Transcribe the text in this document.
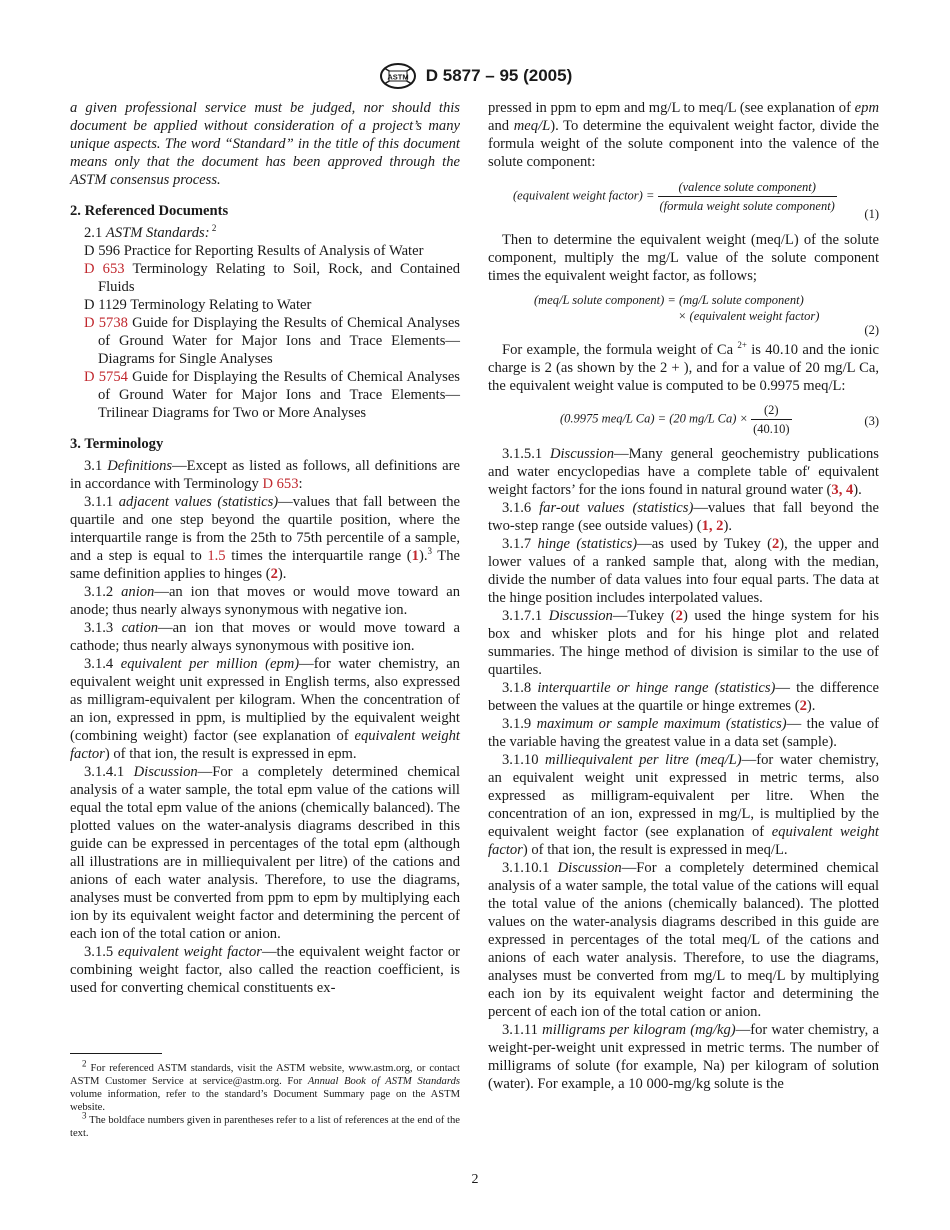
ASTM D 5877 – 95 (2005)

a given professional service must be judged, nor should this document be applied without consideration of a project’s many unique aspects. The word “Standard” in the title of this document means only that the document has been approved through the ASTM consensus process.

2. Referenced Documents

2.1 ASTM Standards: $^2$

D 596 Practice for Reporting Results of Analysis of Water

D 653 Terminology Relating to Soil, Rock, and Contained Fluids

D 1129 Terminology Relating to Water

D 5738 Guide for Displaying the Results of Chemical Analyses of Ground Water for Major Ions and Trace Elements—Diagrams for Single Analyses

D 5754 Guide for Displaying the Results of Chemical Analyses of Ground Water for Major Ions and Trace Elements—Trilinear Diagrams for Two or More Analyses

3. Terminology

3.1 Definitions—Except as listed as follows, all definitions are in accordance with Terminology D 653:

3.1.1 adjacent values (statistics)—values that fall between the quartile and one step beyond the quartile position, where the interquartile range is from the 25th to 75th percentile of a sample, and a step is equal to 1.5 times the interquartile range (1).$^3$ The same definition applies to hinges (2).

3.1.2 anion—an ion that moves or would move toward an anode; thus nearly always synonymous with negative ion.

3.1.3 cation—an ion that moves or would move toward a cathode; thus nearly always synonymous with positive ion.

3.1.4 equivalent per million (epm)—for water chemistry, an equivalent weight unit expressed in English terms, also expressed as milligram-equivalent per kilogram. When the concentration of an ion, expressed in ppm, is multiplied by the equivalent weight (combining weight) factor (see explanation of equivalent weight factor) of that ion, the result is expressed in epm.

3.1.4.1 Discussion—For a completely determined chemical analysis of a water sample, the total epm value of the cations will equal the total epm value of the anions (chemically balanced). The plotted values on the water-analysis diagrams described in this guide can be expressed in percentages of the total epm (although all illustrations are in milliequivalent per litre) of the cations and anions of each water analysis. Therefore, to use the diagrams, analyses must be converted from ppm to epm by multiplying each ion by its equivalent weight factor and determining the percent of each ion of the total cation or anion.

3.1.5 equivalent weight factor—the equivalent weight factor or combining weight factor, also called the reaction coefficient, is used for converting chemical constituents ex-

$^2$ For referenced ASTM standards, visit the ASTM website, www.astm.org, or contact ASTM Customer Service at service@astm.org. For Annual Book of ASTM Standards volume information, refer to the standard’s Document Summary page on the ASTM website.

$^3$ The boldface numbers given in parentheses refer to a list of references at the end of the text.

pressed in ppm to epm and mg/L to meq/L (see explanation of epm and meq/L). To determine the equivalent weight factor, divide the formula weight of the solute component into the valence of the solute component:

(equivalent weight factor) = $\frac{\text{(valence solute component)}}{\text{(formula weight solute component)}} (1)$

Then to determine the equivalent weight (meq/L) of the solute component, multiply the mg/L value of the solute component times the equivalent weight factor, as follows;

(meq/L solute component) = (mg/L solute component)
× (equivalent weight factor)
(2)

For example, the formula weight of Ca $^{2+}$ is 40.10 and the ionic charge is 2 (as shown by the 2 + ), and for a value of 20 mg/L Ca, the equivalent weight value is computed to be 0.9975 meq/L:

(0.9975 meq/L Ca) = (20 mg/L $Ca) \times \frac{(2)}{(40.10)}$	(3)

3.1.5.1 Discussion—Many general geochemistry publications and water encyclopedias have a complete table of′ equivalent weight factors’ for the ions found in natural ground water (3, 4).

3.1.6 far-out values (statistics)—values that fall beyond the two-step range (see outside values) (1, 2).

3.1.7 hinge (statistics)—as used by Tukey (2), the upper and lower values of a ranked sample that, along with the median, divide the number of data values into four equal parts. The data at the hinge position includes interpolated values.

3.1.7.1 Discussion—Tukey (2) used the hinge system for his box and whisker plots and for his hinge plot and related summaries. The hinge method of division is similar to the use of quartiles.

3.1.8 interquartile or hinge range (statistics)— the difference between the values at the quartile or hinge extremes (2).

3.1.9 maximum or sample maximum (statistics)— the value of the variable having the greatest value in a data set (sample).

3.1.10 milliequivalent per litre (meq/L)—for water chemistry, an equivalent weight unit expressed in metric terms, also expressed as milligram-equivalent per litre. When the concentration of an ion, expressed in mg/L, is multiplied by the equivalent weight factor (see explanation of equivalent weight factor) of that ion, the result is expressed in meq/L.

3.1.10.1 Discussion—For a completely determined chemical analysis of a water sample, the total value of the cations will equal the total value of the anions (chemically balanced). The plotted values on the water-analysis diagrams described in this guide are expressed in percentages of the total meq/L of the cations and anions of each water analysis. Therefore, to use the diagrams, analyses must be converted from mg/L to meq/L by multiplying each ion by its equivalent weight factor and determining the percent of each ion of the total cation or anion.

3.1.11 milligrams per kilogram (mg/kg)—for water chemistry, a weight-per-weight unit expressed in metric terms. The number of milligrams of solute (for example, Na) per kilogram of solution (water). For example, a 10 000-mg/kg solute is the

2
